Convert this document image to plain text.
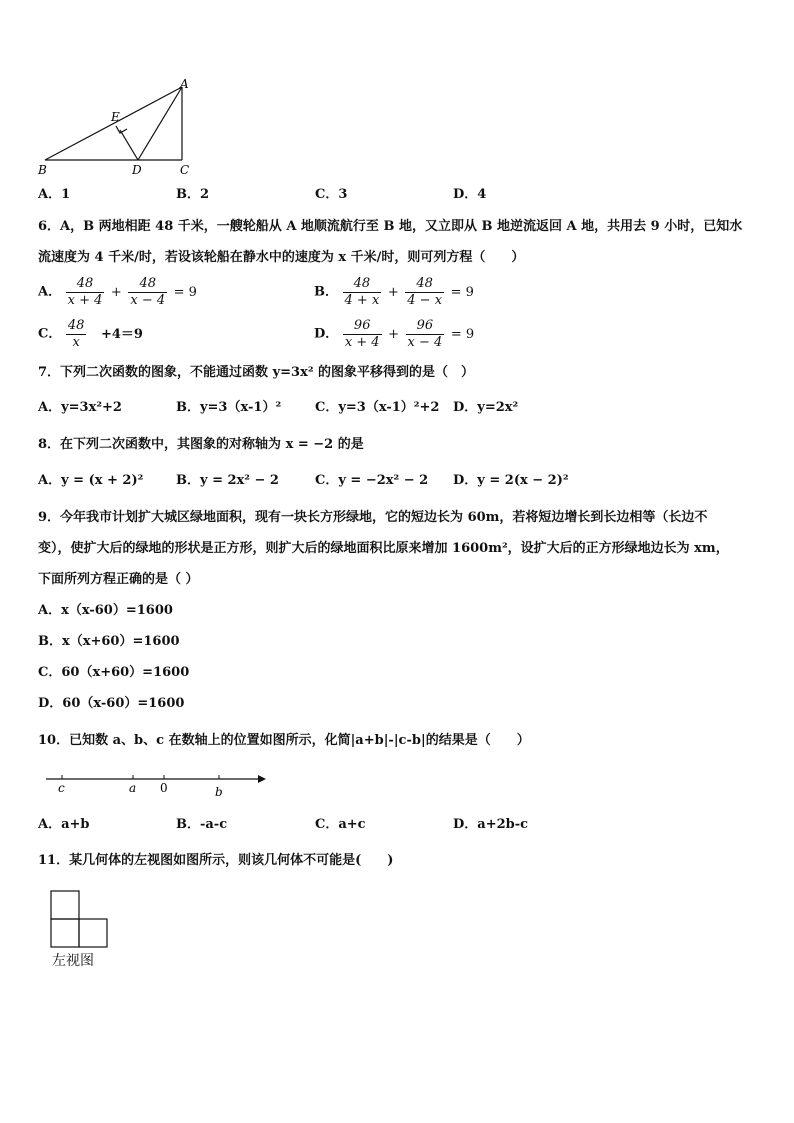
A
B	C
D
E
A．1	B．2	C．3	D．4
6．A，B 两地相距 48 千米，一艘轮船从 A 地顺流航行至 B 地，又立即从 B 地逆流返回 A 地，共用去 9 小时，已知水
流速度为 4 千米/时，若设该轮船在静水中的速度为 x 千米/时，则可列方程（　　）
A． $\frac{48}{x + 4} + \frac{48}{x - 4} = 9$	B． $\frac{48}{4 + x} + \frac{48}{4 - x} = 9$
C． $\frac{48}{x} +4=9$	D． $\frac{96}{x + 4} + \frac{96}{x - 4} = 9$
7．下列二次函数的图象，不能通过函数 y=3x² 的图象平移得到的是（　）
A．y=3x²+2	B．y=3（x-1）²	C．y=3（x-1）²+2 D．y=2x²
8．在下列二次函数中，其图象的对称轴为 x = −2 的是
A．y = (x + 2)²	B．y = 2x² − 2	C．y = −2x² − 2 D．y = 2(x − 2)²
9．今年我市计划扩大城区绿地面积，现有一块长方形绿地，它的短边长为 60m，若将短边增长到长边相等（长边不
变），使扩大后的绿地的形状是正方形，则扩大后的绿地面积比原来增加 1600m²，设扩大后的正方形绿地边长为 xm，
下面所列方程正确的是（ ）
A．x（x-60）=1600
B．x（x+60）=1600
C．60（x+60）=1600
D．60（x-60）=1600
10．已知数 a、b、c 在数轴上的位置如图所示，化简|a+b|-|c-b|的结果是（　　）
c	a 0	b
A．a+b	B．-a-c	C．a+c	D．a+2b-c
11．某几何体的左视图如图所示，则该几何体不可能是(　　)
左视图
